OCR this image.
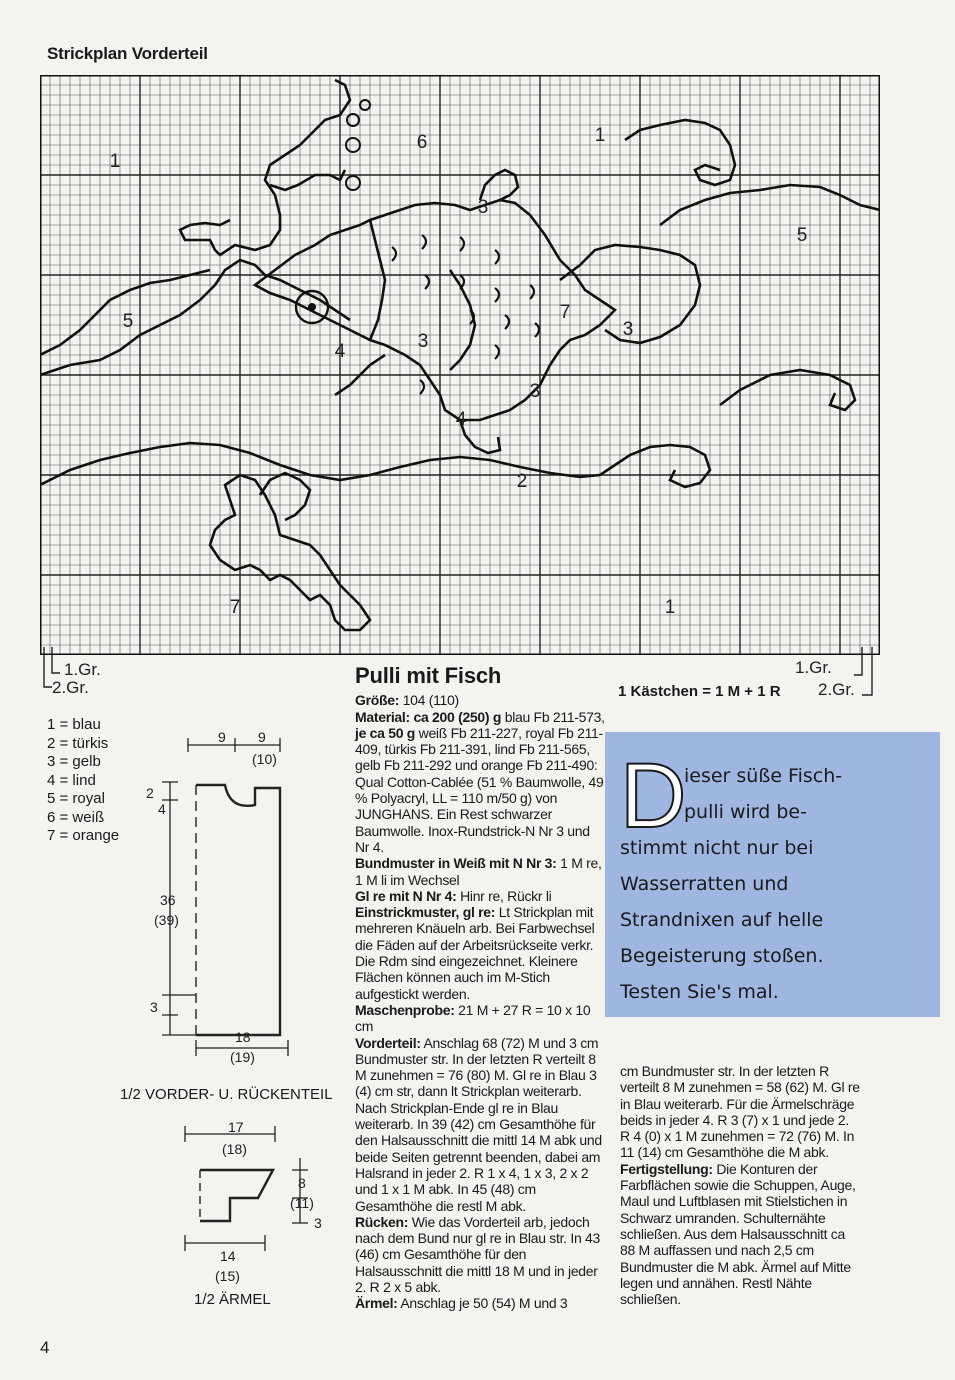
Strickplan Vorderteil
1
6	1
3
5
5
4	3
7
3
3
4
2
7	1
1.Gr.
2.Gr.
1.Gr.
2.Gr.
1 = blau
2 = türkis
3 = gelb
4 = lind
5 = royal
6 = weiß
7 = orange
9 9
(10)
2
4
36
(39)
3
18
(19)
1/2 VORDER- U. RÜCKENTEIL
17
(18)
8
(11)
3
14
(15)
1/2 ÄRMEL
Pulli mit Fisch

Größe: 104 (110)

Material: ca 200 (250) g blau Fb 211-573, je ca 50 g weiß Fb 211-227, royal Fb 211-409, türkis Fb 211-391, lind Fb 211-565, gelb Fb 211-292 und orange Fb 211-490: Qual Cotton-Cablée (51 % Baumwolle, 49 % Polyacryl, LL = 110 m/50 g) von JUNGHANS. Ein Rest schwarzer Baumwolle. Inox-Rundstrick-N Nr 3 und Nr 4.

Bundmuster in Weiß mit N Nr 3: 1 M re, 1 M li im Wechsel

Gl re mit N Nr 4: Hinr re, Rückr li

Einstrickmuster, gl re: Lt Strickplan mit mehreren Knäueln arb. Bei Farbwechsel die Fäden auf der Arbeitsrückseite verkr. Die Rdm sind eingezeichnet. Kleinere Flächen können auch im M-Stich aufgestickt werden.

Maschenprobe: 21 M + 27 R = 10 x 10 cm

Vorderteil: Anschlag 68 (72) M und 3 cm Bundmuster str. In der letzten R verteilt 8 M zunehmen = 76 (80) M. Gl re in Blau 3 (4) cm str, dann lt Strickplan weiterarb. Nach Strickplan-Ende gl re in Blau weiterarb. In 39 (42) cm Gesamthöhe für den Halsausschnitt die mittl 14 M abk und beide Seiten getrennt beenden, dabei am Halsrand in jeder 2. R 1 x 4, 1 x 3, 2 x 2 und 1 x 1 M abk. In 45 (48) cm Gesamthöhe die restl M abk.

Rücken: Wie das Vorderteil arb, jedoch nach dem Bund nur gl re in Blau str. In 43 (46) cm Gesamthöhe für den Halsausschnitt die mittl 18 M und in jeder 2. R 2 x 5 abk.

Ärmel: Anschlag je 50 (54) M und 3

1 Kästchen = 1 M + 1 R
D
ieser süße Fisch-
pulli wird be-
stimmt nicht nur bei
Wasserratten und
Strandnixen auf helle
Begeisterung stoßen.
Testen Sie's mal.

cm Bundmuster str. In der letzten R verteilt 8 M zunehmen = 58 (62) M. Gl re in Blau weiterarb. Für die Ärmelschräge beids in jeder 4. R 3 (7) x 1 und jede 2. R 4 (0) x 1 M zunehmen = 72 (76) M. In 11 (14) cm Gesamthöhe die M abk.

Fertigstellung: Die Konturen der Farbflächen sowie die Schuppen, Auge, Maul und Luftblasen mit Stielstichen in Schwarz umranden. Schulternähte schließen. Aus dem Halsausschnitt ca 88 M auffassen und nach 2,5 cm Bundmuster die M abk. Ärmel auf Mitte legen und annähen. Restl Nähte schließen.

4
